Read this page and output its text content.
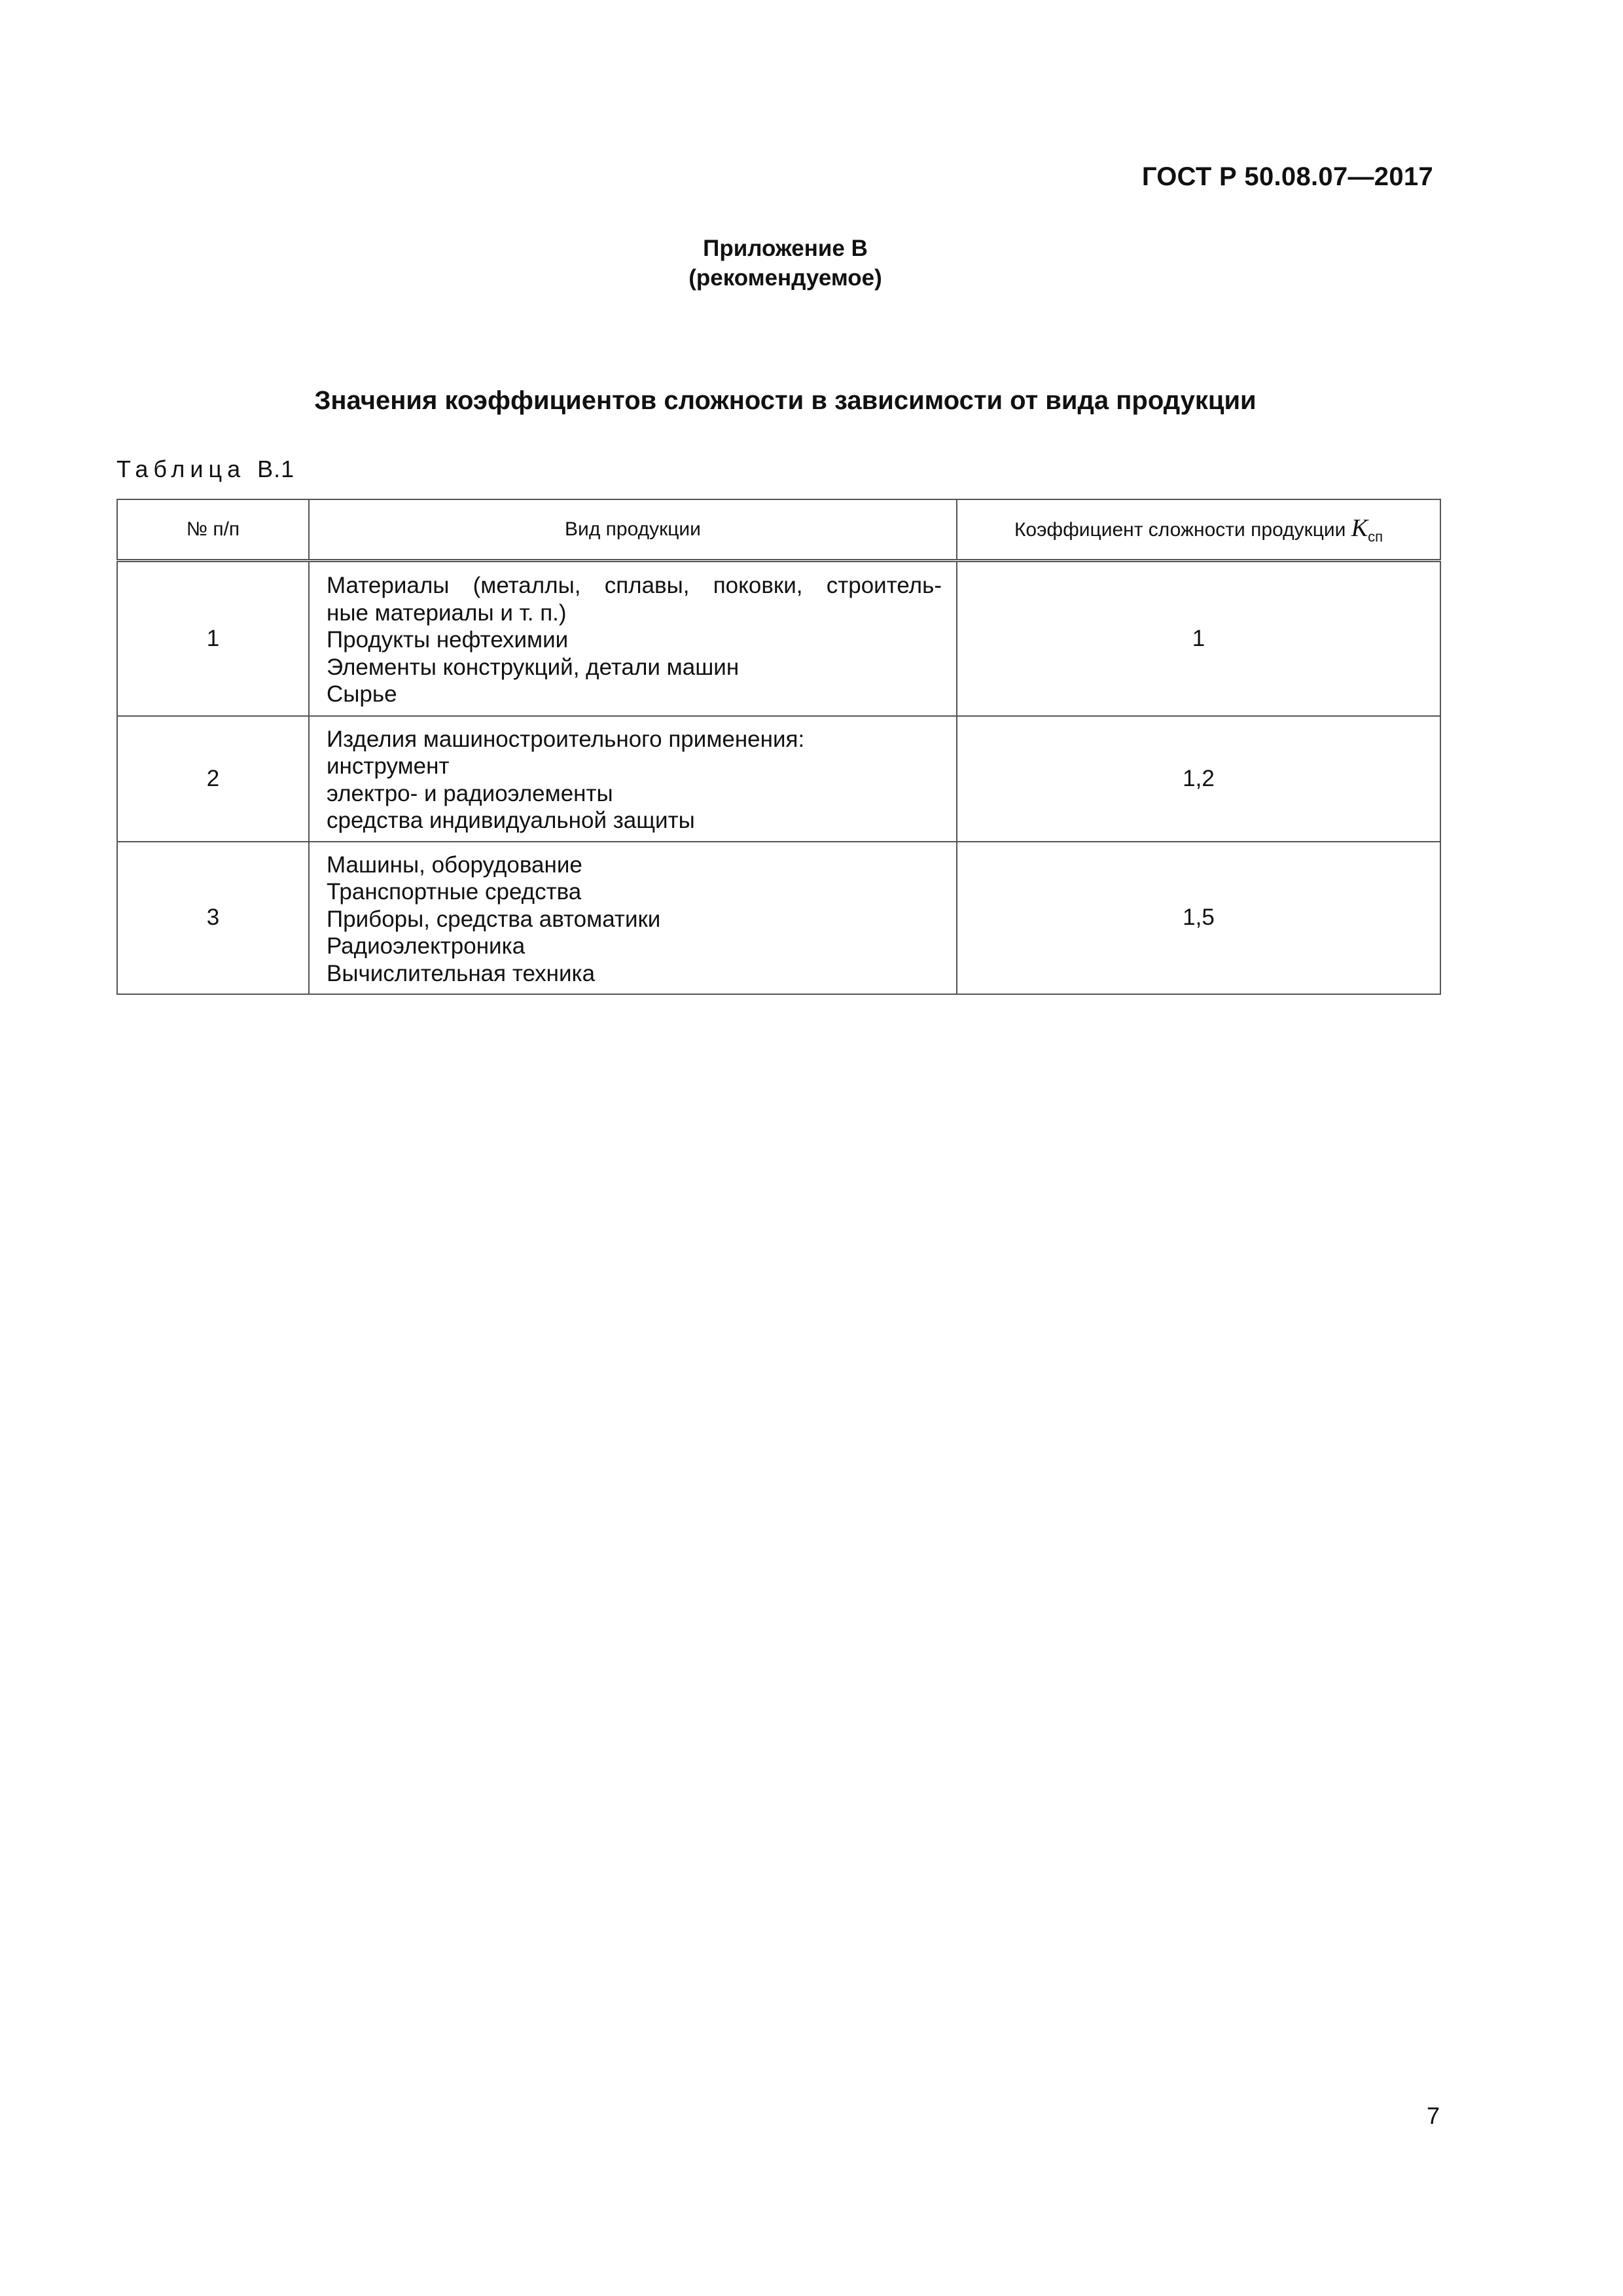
ГОСТ Р 50.08.07—2017
Приложение В
(рекомендуемое)
Значения коэффициентов сложности в зависимости от вида продукции
Таблица В.1
№ п/п	Вид продукции	Коэффициент сложности продукции $K_{сп}$
1	Материалы (металлы, сплавы, поковки, строитель-
ные материалы и т. п.)
Продукты нефтехимии
Элементы конструкций, детали машин
Сырье	1
2	Изделия машиностроительного применения:
инструмент
электро- и радиоэлементы
средства индивидуальной защиты	1,2
3	Машины, оборудование
Транспортные средства
Приборы, средства автоматики
Радиоэлектроника
Вычислительная техника	1,5
7
